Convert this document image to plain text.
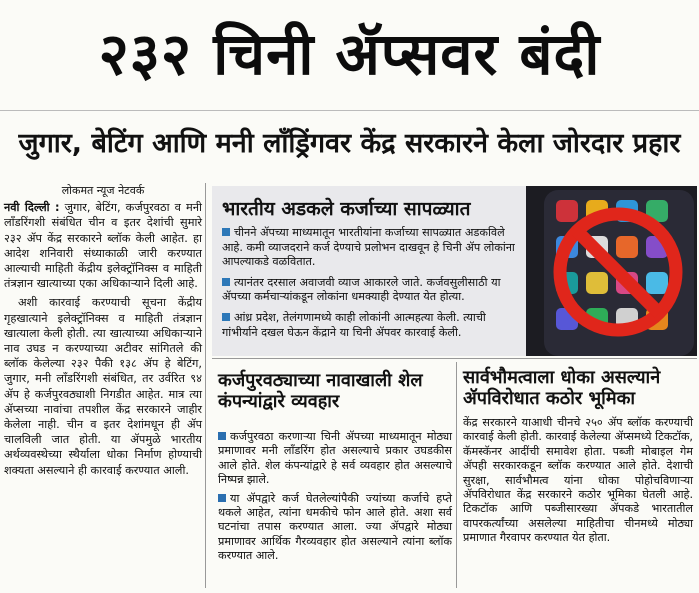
२३२ चिनी ॲप्सवर बंदी
जुगार, बेटिंग आणि मनी लाँड्रिंगवर केंद्र सरकारने केला जोरदार प्रहार
लोकमत न्यूज नेटवर्क

नवी दिल्ली : जुगार, बेटिंग, कर्जपुरवठा व मनी लाँडरिंगशी संबंधित चीन व इतर देशांची सुमारे २३२ ॲप केंद्र सरकारने ब्लॉक केली आहेत. हा आदेश शनिवारी संध्याकाळी जारी करण्यात आल्याची माहिती केंद्रीय इलेक्ट्रॉनिक्स व माहिती तंत्रज्ञान खात्याच्या एका अधिकाऱ्याने दिली आहे.

अशी कारवाई करण्याची सूचना केंद्रीय गृहखात्याने इलेक्ट्रॉनिक्स व माहिती तंत्रज्ञान खात्याला केली होती. त्या खात्याच्या अधिकाऱ्याने नाव उघड न करण्याच्या अटीवर सांगितले की ब्लॉक केलेल्या २३२ पैकी १३८ ॲप हे बेटिंग, जुगार, मनी लाँडरिंगशी संबंधित, तर उर्वरित ९४ ॲप हे कर्जपुरवठ्याशी निगडीत आहेत. मात्र त्या ॲप्सच्या नावांचा तपशील केंद्र सरकारने जाहीर केलेला नाही. चीन व इतर देशांमधून ही ॲप चालविली जात होती. या ॲपमुळे भारतीय अर्थव्यवस्थेच्या स्थैर्याला धोका निर्माण होण्याची शक्यता असल्याने ही कारवाई करण्यात आली.

भारतीय अडकले कर्जाच्या सापळ्यात
चीनने ॲपच्या माध्यमातून भारतीयांना कर्जाच्या सापळ्यात अडकविले आहे. कमी व्याजदराने कर्ज देण्याचे प्रलोभन दाखवून हे चिनी ॲप लोकांना आपल्याकडे वळवितात.
त्यानंतर दरसाल अवाजवी व्याज आकारले जाते. कर्जवसुलीसाठी या ॲपच्या कर्मचाऱ्यांकडून लोकांना धमक्याही देण्यात येत होत्या.
आंध्र प्रदेश, तेलंगणामध्ये काही लोकांनी आत्महत्या केली. त्याची गांभीर्याने दखल घेऊन केंद्राने या चिनी ॲपवर कारवाई केली.
कर्जपुरवठ्याच्या नावाखाली शेल कंपन्यांद्वारे व्यवहार
कर्जपुरवठा करणाऱ्या चिनी ॲपच्या माध्यमातून मोठ्या प्रमाणावर मनी लाँडरिंग होत असल्याचे प्रकार उघडकीस आले होते. शेल कंपन्यांद्वारे हे सर्व व्यवहार होत असल्याचे निष्पन्न झाले.
या ॲपद्वारे कर्ज घेतलेल्यांपैकी ज्यांच्या कर्जाचे हप्ते थकले आहेत, त्यांना धमकीचे फोन आले होते. अशा सर्व घटनांचा तपास करण्यात आला. ज्या ॲपद्वारे मोठ्या प्रमाणावर आर्थिक गैरव्यवहार होत असल्याने त्यांना ब्लॉक करण्यात आले.
सार्वभौमत्वाला धोका असल्याने ॲपविरोधात कठोर भूमिका
केंद्र सरकारने याआधी चीनचे २५० ॲप ब्लॉक करण्याची कारवाई केली होती. कारवाई केलेल्या ॲप्समध्ये टिकटॉक, कॅमस्कॅनर आदींची समावेश होता. पब्जी मोबाइल गेम ॲपही सरकारकडून ब्लॉक करण्यात आले होते. देशाची सुरक्षा, सार्वभौमत्व यांना धोका पोहोचविणाऱ्या ॲपविरोधात केंद्र सरकारने कठोर भूमिका घेतली आहे. टिकटॉक आणि पब्जीसारख्या ॲपकडे भारतातील वापरकर्त्यांच्या असलेल्या माहितीचा चीनमध्ये मोठ्या प्रमाणात गैरवापर करण्यात येत होता.
